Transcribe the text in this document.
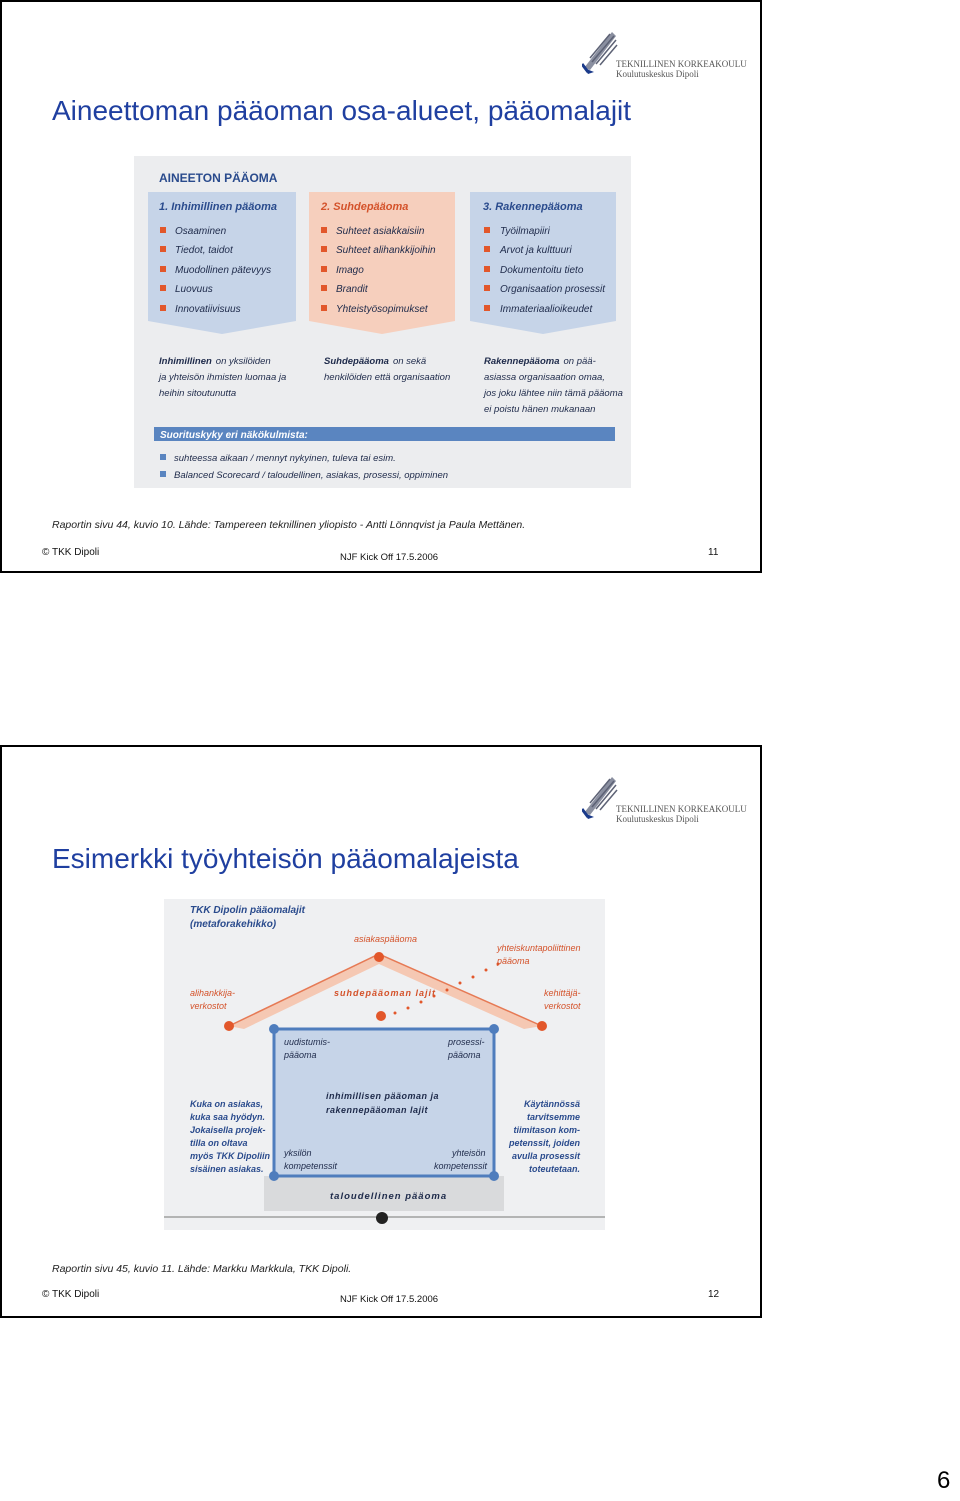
TEKNILLINEN KORKEAKOULU
Koulutuskeskus Dipoli
Aineettoman pääoman osa-alueet, pääomalajit
AINEETON PÄÄOMA
1. Inhimillinen pääoma
Osaaminen
Tiedot, taidot
Muodollinen pätevyys
Luovuus
Innovatiivisuus
2. Suhdepääoma
Suhteet asiakkaisiin
Suhteet alihankkijoihin
Imago
Brandit
Yhteistyösopimukset
3. Rakennepääoma
Työilmapiiri
Arvot ja kulttuuri
Dokumentoitu tieto
Organisaation prosessit
Immateriaalioikeudet
Inhimillinen on yksilöiden
ja yhteisön ihmisten luomaa ja
heihin sitoutunutta
Suhdepääoma on sekä
henkilöiden että organisaation
Rakennepääoma on pää-
asiassa organisaation omaa,
jos joku lähtee niin tämä pääoma
ei poistu hänen mukanaan
Suorituskyky eri näkökulmista:
suhteessa aikaan / mennyt nykyinen, tuleva tai esim.
Balanced Scorecard / taloudellinen, asiakas, prosessi, oppiminen
Raportin sivu 44, kuvio 10. Lähde: Tampereen teknillinen yliopisto - Antti Lönnqvist ja Paula Mettänen.
© TKK Dipoli	NJF Kick Off 17.5.2006	11
TEKNILLINEN KORKEAKOULU
Koulutuskeskus Dipoli
Esimerkki työyhteisön pääomalajeista
TKK Dipolin pääomalajit
(metaforakehikko)
asiakaspääoma
yhteiskuntapoliittinen
pääoma
alihankkija-
verkostot
kehittäjä-
verkostot
suhdepääoman lajit
taloudellinen pääoma
uudistumis-
pääoma
prosessi-
pääoma
inhimillisen pääoman ja
rakennepääoman lajit
yksilön
kompetenssit
yhteisön
kompetenssit
Kuka on asiakas,
kuka saa hyödyn.
Jokaisella projek-
tilla on oltava
myös TKK Dipoliin
sisäinen asiakas.
Käytännössä
tarvitsemme
tiimitason kom-
petenssit, joiden
avulla prosessit
toteutetaan.
Raportin sivu 45, kuvio 11. Lähde: Markku Markkula, TKK Dipoli.
© TKK Dipoli	NJF Kick Off 17.5.2006	12
6
